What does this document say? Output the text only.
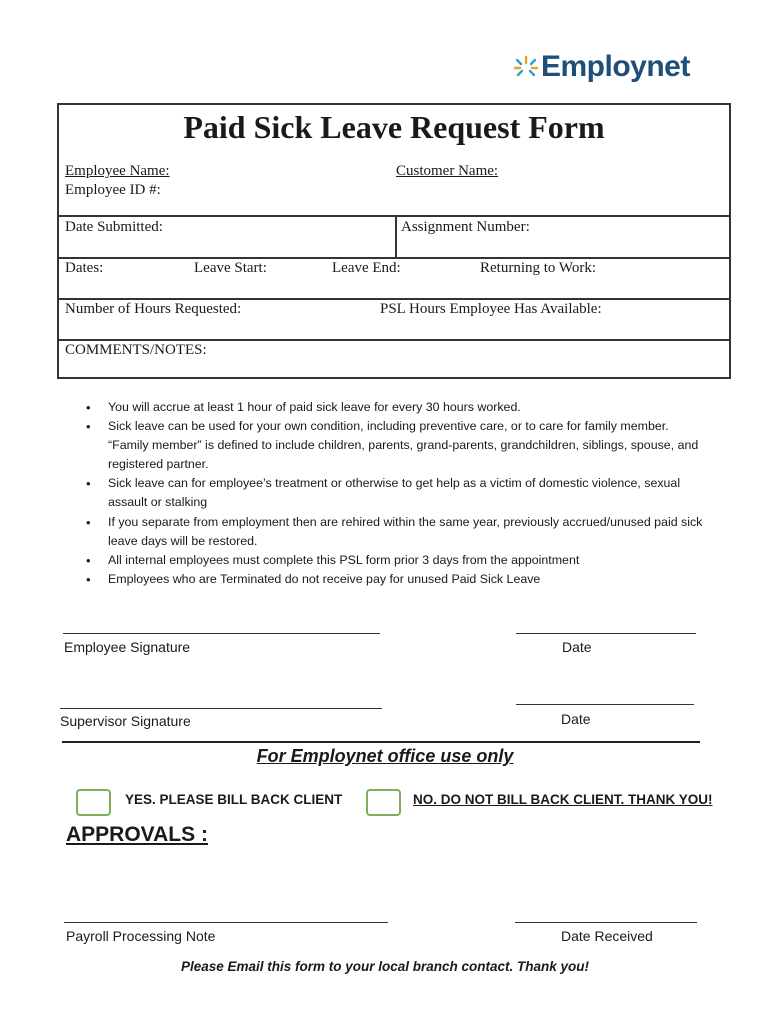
Employnet
Paid Sick Leave Request Form
Employee Name:	Customer Name:
Employee ID #:
Date Submitted:	Assignment Number:
Dates:	Leave Start:	Leave End:	Returning to Work:
Number of Hours Requested:	PSL Hours Employee Has Available:
COMMENTS/NOTES:
• You will accrue at least 1 hour of paid sick leave for every 30 hours worked.
• Sick leave can be used for your own condition, including preventive care, or to care for family member. “Family member” is defined to include children, parents, grand-parents, grandchildren, siblings, spouse, and registered partner.
• Sick leave can for employee’s treatment or otherwise to get help as a victim of domestic violence, sexual assault or stalking
• If you separate from employment then are rehired within the same year, previously accrued/unused paid sick leave days will be restored.
• All internal employees must complete this PSL form prior 3 days from the appointment
• Employees who are Terminated do not receive pay for unused Paid Sick Leave
Employee Signature	Date
Supervisor Signature	Date
For Employnet office use only
YES. PLEASE BILL BACK CLIENT	NO. DO NOT BILL BACK CLIENT. THANK YOU!
APPROVALS :
Payroll Processing Note	Date Received
Please Email this form to your local branch contact. Thank you!
